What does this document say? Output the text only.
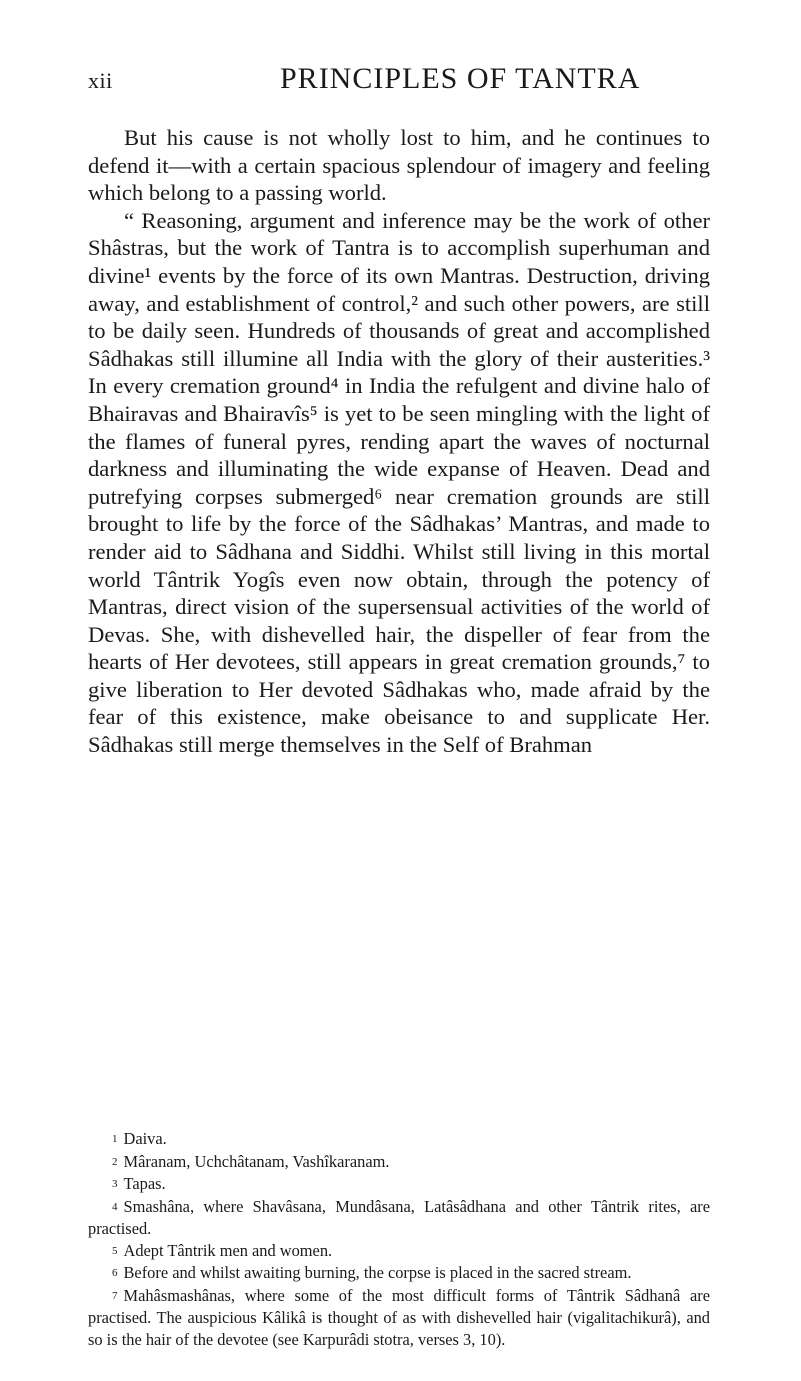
xii	PRINCIPLES OF TANTRA

But his cause is not wholly lost to him, and he continues to defend it—with a certain spacious splendour of imagery and feeling which belong to a passing world.

“ Reasoning, argument and inference may be the work of other Shâstras, but the work of Tantra is to accomplish superhuman and divine¹ events by the force of its own Mantras. Destruction, driving away, and establishment of control,² and such other powers, are still to be daily seen. Hundreds of thousands of great and accomplished Sâdhakas still illumine all India with the glory of their austerities.³ In every cremation ground⁴ in India the refulgent and divine halo of Bhairavas and Bhairavîs⁵ is yet to be seen mingling with the light of the flames of funeral pyres, rending apart the waves of nocturnal darkness and illuminating the wide expanse of Heaven. Dead and putrefying corpses submerged⁶ near cremation grounds are still brought to life by the force of the Sâdhakas’ Mantras, and made to render aid to Sâdhana and Siddhi. Whilst still living in this mortal world Tântrik Yogîs even now obtain, through the potency of Mantras, direct vision of the supersensual activities of the world of Devas. She, with dishevelled hair, the dispeller of fear from the hearts of Her devotees, still appears in great cremation grounds,⁷ to give liberation to Her devoted Sâdhakas who, made afraid by the fear of this existence, make obeisance to and supplicate Her. Sâdhakas still merge themselves in the Self of Brahman

1 Daiva.

2 Mâranam, Uchchâtanam, Vashîkaranam.

3 Tapas.

4 Smashâna, where Shavâsana, Mundâsana, Latâsâdhana and other Tântrik rites, are practised.

5 Adept Tântrik men and women.

6 Before and whilst awaiting burning, the corpse is placed in the sacred stream.

7 Mahâsmashânas, where some of the most difficult forms of Tântrik Sâdhanâ are practised. The auspicious Kâlikâ is thought of as with dishevelled hair (vigalitachikurâ), and so is the hair of the devotee (see Karpurâdi stotra, verses 3, 10).
